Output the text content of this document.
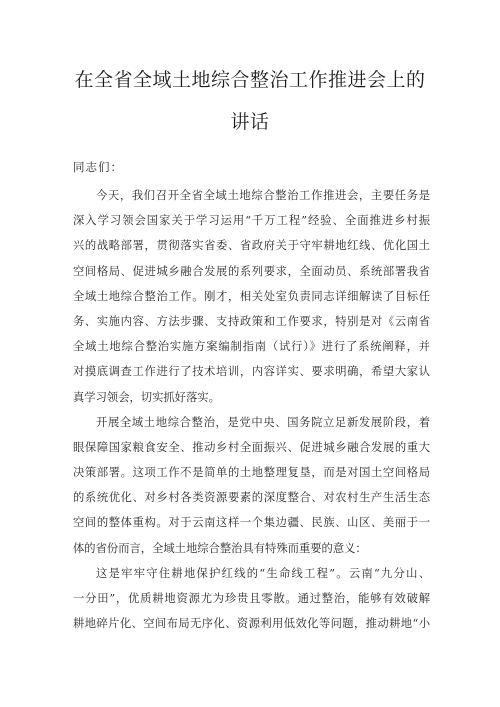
在全省全域土地综合整治工作推进会上的
讲话

同志们：

今天，我们召开全省全域土地综合整治工作推进会，主要任务是
深入学习领会国家关于学习运用“千万工程”经验、全面推进乡村振
兴的战略部署，贯彻落实省委、省政府关于守牢耕地红线、优化国土
空间格局、促进城乡融合发展的系列要求，全面动员、系统部署我省
全域土地综合整治工作。刚才，相关处室负责同志详细解读了目标任
务、实施内容、方法步骤、支持政策和工作要求，特别是对《云南省
全域土地综合整治实施方案编制指南（试行）》进行了系统阐释，并
对摸底调查工作进行了技术培训，内容详实、要求明确，希望大家认
真学习领会，切实抓好落实。
开展全域土地综合整治，是党中央、国务院立足新发展阶段，着
眼保障国家粮食安全、推动乡村全面振兴、促进城乡融合发展的重大
决策部署。这项工作不是简单的土地整理复垦，而是对国土空间格局
的系统优化、对乡村各类资源要素的深度整合、对农村生产生活生态
空间的整体重构。对于云南这样一个集边疆、民族、山区、美丽于一
体的省份而言，全域土地综合整治具有特殊而重要的意义：
这是牢牢守住耕地保护红线的“生命线工程”。云南“九分山、
一分田”，优质耕地资源尤为珍贵且零散。通过整治，能够有效破解
耕地碎片化、空间布局无序化、资源利用低效化等问题，推动耕地“小
